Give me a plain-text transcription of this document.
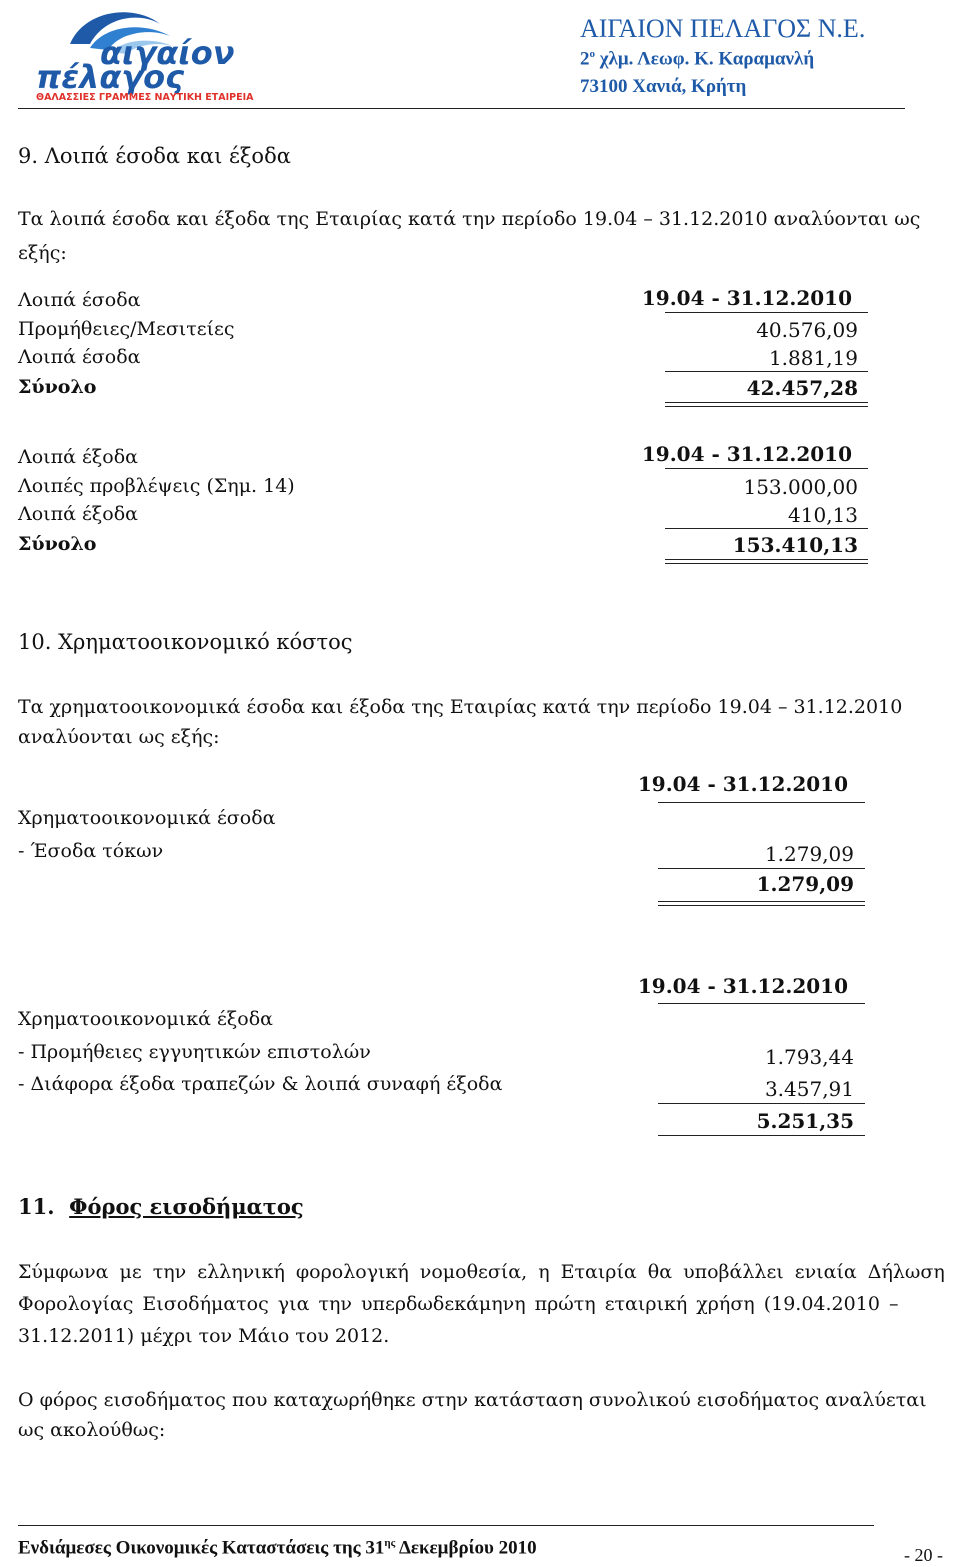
αιγαίον
πέλαγος
ΘΑΛΑΣΣΙΕΣ ΓΡΑΜΜΕΣ ΝΑΥΤΙΚΗ ΕΤΑΙΡΕΙΑ
ΑΙΓΑΙΟΝ ΠΕΛΑΓΟΣ Ν.Ε.
$2^o$ χλμ. Λεωφ. Κ. Καραμανλή
73100 Χανιά, Κρήτη
9. Λοιπά έσοδα και έξοδα
Τα λοιπά έσοδα και έξοδα της Εταιρίας κατά την περίοδο 19.04 – 31.12.2010 αναλύονται ως
εξής:
Λοιπά έσοδα	19.04 - 31.12.2010
Προμήθειες/Μεσιτείες	40.576,09
Λοιπά έσοδα	1.881,19
Σύνολο	42.457,28
Λοιπά έξοδα	19.04 - 31.12.2010
Λοιπές προβλέψεις (Σημ. 14)	153.000,00
Λοιπά έξοδα	410,13
Σύνολο	153.410,13
10. Χρηματοοικονομικό κόστος
Τα χρηματοοικονομικά έσοδα και έξοδα της Εταιρίας κατά την περίοδο 19.04 – 31.12.2010
αναλύονται ως εξής:
19.04 - 31.12.2010
Χρηματοοικονομικά έσοδα
- Έσοδα τόκων	1.279,09
1.279,09
19.04 - 31.12.2010
Χρηματοοικονομικά έξοδα
- Προμήθειες εγγυητικών επιστολών	1.793,44
- Διάφορα έξοδα τραπεζών & λοιπά συναφή έξοδα	3.457,91
5.251,35
11. Φόρος εισοδήματος
Σύμφωνα με την ελληνική φορολογική νομοθεσία, η Εταιρία θα υποβάλλει ενιαία Δήλωση
Φορολογίας Εισοδήματος για την υπερδωδεκάμηνη πρώτη εταιρική χρήση (19.04.2010 –
31.12.2011) μέχρι τον Μάιο του 2012.
Ο φόρος εισοδήματος που καταχωρήθηκε στην κατάσταση συνολικού εισοδήματος αναλύεται
ως ακολούθως:
Ενδιάμεσες Οικονομικές Καταστάσεις της $31^{\eta\varsigma}$ Δεκεμβρίου 2010	- 20 -
